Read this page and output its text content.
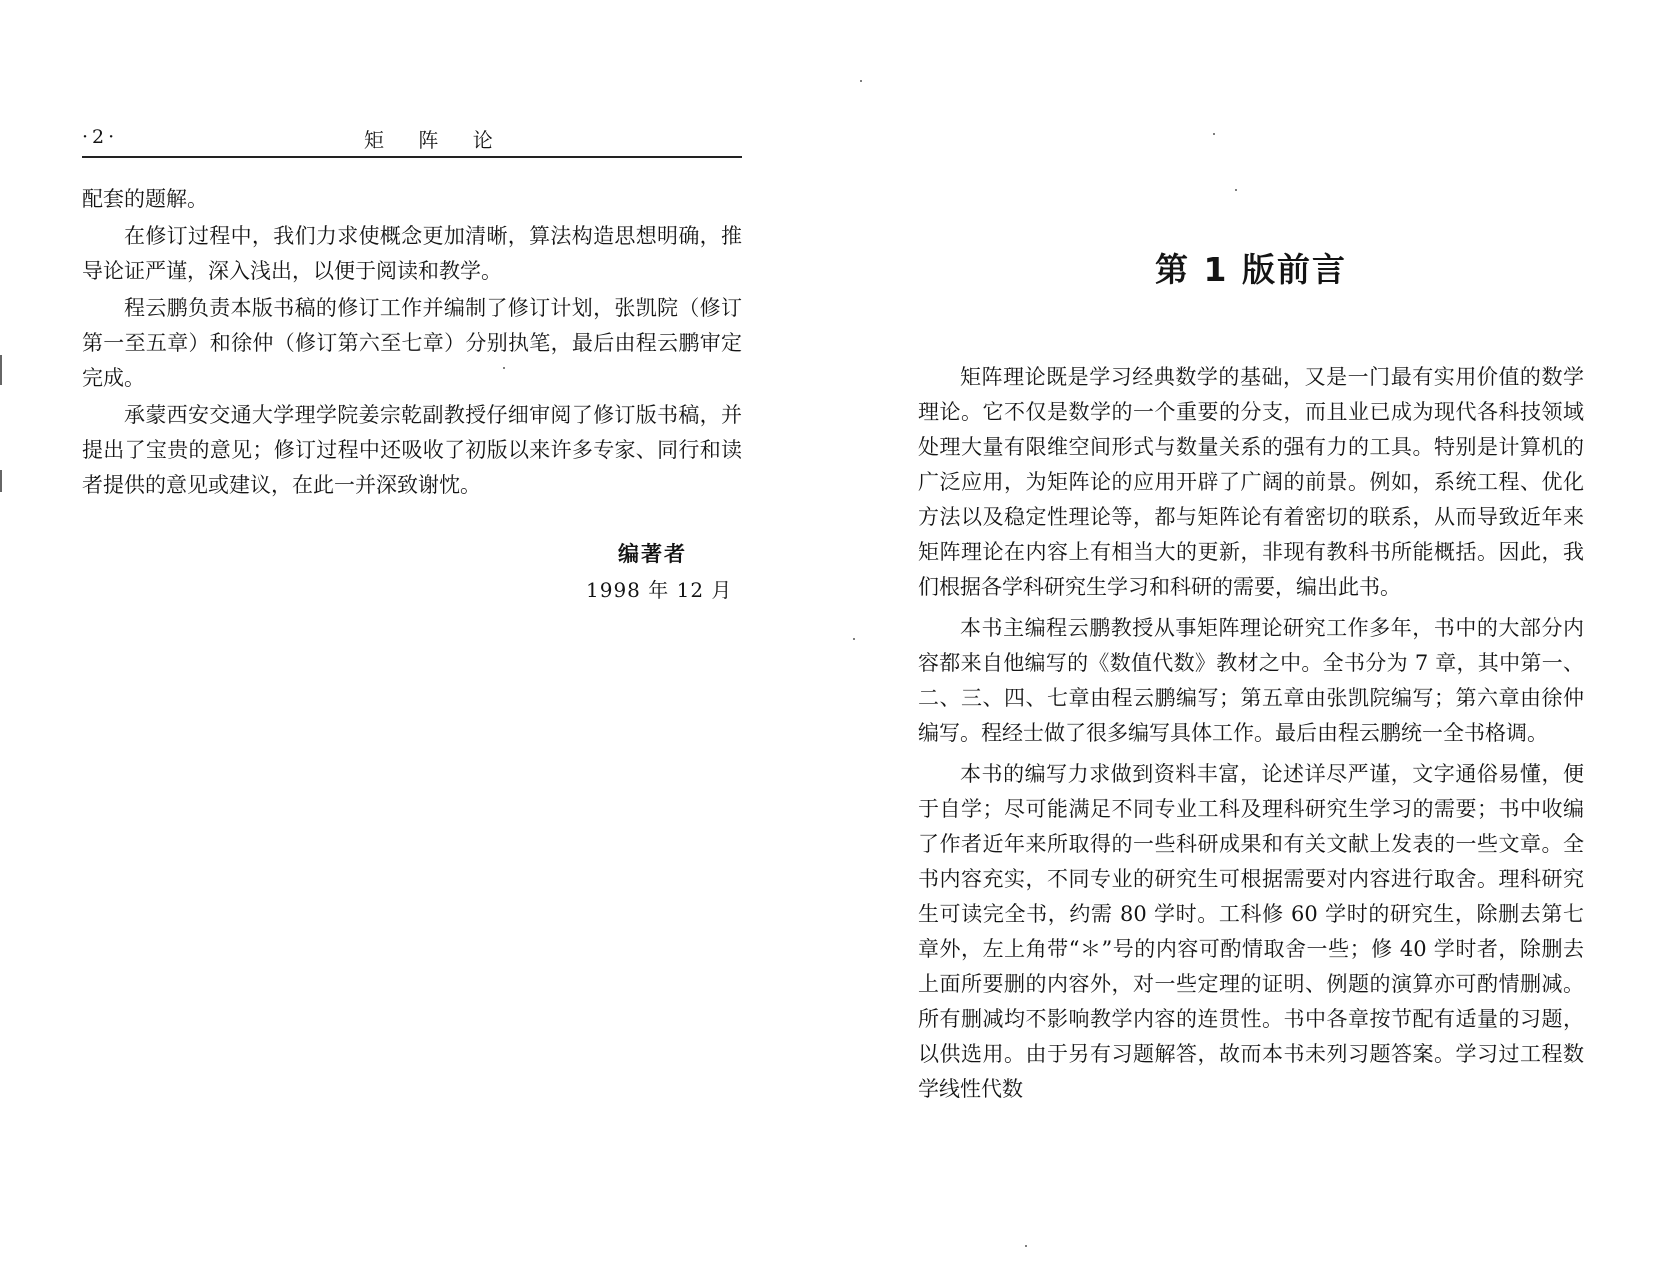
·2·	矩 阵 论

配套的题解。

在修订过程中，我们力求使概念更加清晰，算法构造思想明确，推导论证严谨，深入浅出，以便于阅读和教学。

程云鹏负责本版书稿的修订工作并编制了修订计划，张凯院（修订第一至五章）和徐仲（修订第六至七章）分别执笔，最后由程云鹏审定完成。

承蒙西安交通大学理学院姜宗乾副教授仔细审阅了修订版书稿，并提出了宝贵的意见；修订过程中还吸收了初版以来许多专家、同行和读者提供的意见或建议，在此一并深致谢忱。

编著者
1998 年 12 月
第 1 版前言

矩阵理论既是学习经典数学的基础，又是一门最有实用价值的数学理论。它不仅是数学的一个重要的分支，而且业已成为现代各科技领域处理大量有限维空间形式与数量关系的强有力的工具。特别是计算机的广泛应用，为矩阵论的应用开辟了广阔的前景。例如，系统工程、优化方法以及稳定性理论等，都与矩阵论有着密切的联系，从而导致近年来矩阵理论在内容上有相当大的更新，非现有教科书所能概括。因此，我们根据各学科研究生学习和科研的需要，编出此书。

本书主编程云鹏教授从事矩阵理论研究工作多年，书中的大部分内容都来自他编写的《数值代数》教材之中。全书分为 7 章，其中第一、二、三、四、七章由程云鹏编写；第五章由张凯院编写；第六章由徐仲编写。程经士做了很多编写具体工作。最后由程云鹏统一全书格调。

本书的编写力求做到资料丰富，论述详尽严谨，文字通俗易懂，便于自学；尽可能满足不同专业工科及理科研究生学习的需要；书中收编了作者近年来所取得的一些科研成果和有关文献上发表的一些文章。全书内容充实，不同专业的研究生可根据需要对内容进行取舍。理科研究生可读完全书，约需 80 学时。工科修 60 学时的研究生，除删去第七章外，左上角带“＊”号的内容可酌情取舍一些；修 40 学时者，除删去上面所要删的内容外，对一些定理的证明、例题的演算亦可酌情删减。所有删减均不影响教学内容的连贯性。书中各章按节配有适量的习题，以供选用。由于另有习题解答，故而本书未列习题答案。学习过工程数学线性代数
